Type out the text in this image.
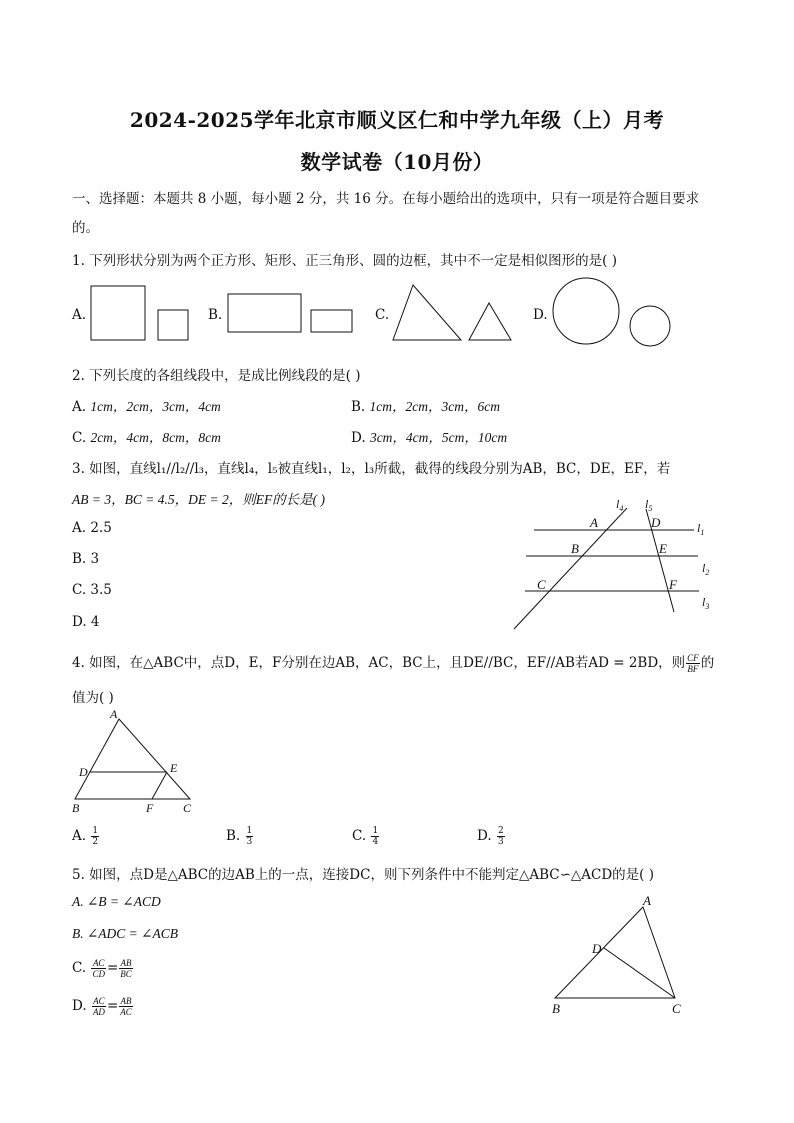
2024-2025学年北京市顺义区仁和中学九年级（上）月考
数学试卷（10月份）
一、选择题：本题共 8 小题，每小题 2 分，共 16 分。在每小题给出的选项中，只有一项是符合题目要求
的。
1. 下列形状分别为两个正方形、矩形、正三角形、圆的边框，其中不一定是相似图形的是( )
A.	B.	C.	D.
2. 下列长度的各组线段中，是成比例线段的是( )
A. 1cm，2cm，3cm，4cm	B. 1cm，2cm，3cm，6cm
C. 2cm，4cm，8cm，8cm	D. 3cm，4cm，5cm，10cm
3. 如图，直线l₁//l₂//l₃，直线l₄，l₅被直线l₁，l₂，l₃所截，截得的线段分别为AB，BC，DE，EF，若
AB = 3，BC = 4.5，DE = 2，则EF的长是( )
A. 2.5
B. 3
C. 3.5
D. 4
$l_4$ $l_5$
$l_1$
$l_2$
$l_3$
A
B
C
D
E
F
4. 如图，在△ABC中，点D，E，F分别在边AB，AC，BC上，且DE//BC，EF//AB若AD = 2BD，则 $\frac{CF}{BF}$ 的
值为( )
A
B	C
D	E
F
A. $\frac{1}{2}$	B. $\frac{1}{3}$	C. $\frac{1}{4}$	D. $\frac{2}{3}$
5. 如图，点D是△ABC的边AB上的一点，连接DC，则下列条件中不能判定△ABC∽△ACD的是( )
A. ∠B = ∠ACD
B. ∠ADC = ∠ACB
C. $\frac{AC}{CD} = \frac{AB}{BC}$
D. $\frac{AC}{AD} = \frac{AB}{AC}$
A
B	C
D
